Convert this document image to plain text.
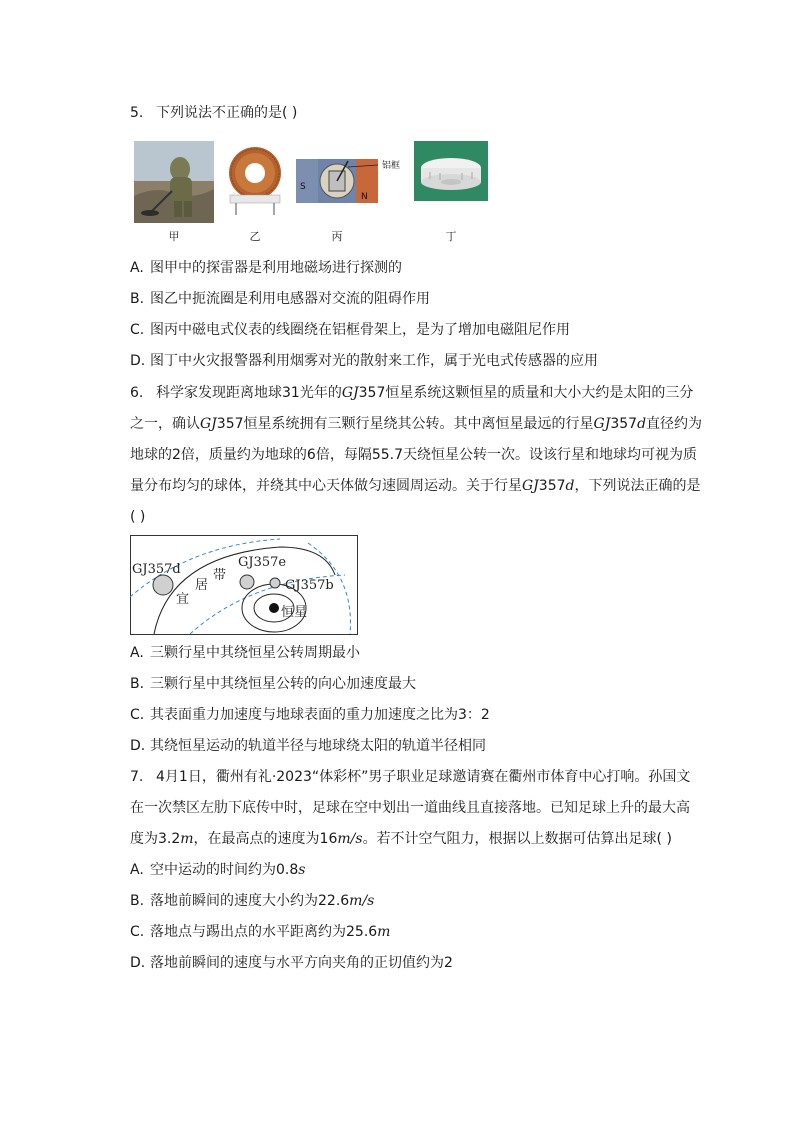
5. 下列说法不正确的是( )
甲	乙
S
N
铝框
丙	丁
A. 图甲中的探雷器是利用地磁场进行探测的
B. 图乙中扼流圈是利用电感器对交流的阻碍作用
C. 图丙中磁电式仪表的线圈绕在铝框骨架上，是为了增加电磁阻尼作用
D. 图丁中火灾报警器利用烟雾对光的散射来工作，属于光电式传感器的应用
6. 科学家发现距离地球31光年的GJ357恒星系统这颗恒星的质量和大小大约是太阳的三分
之一，确认GJ357恒星系统拥有三颗行星绕其公转。其中离恒星最远的行星GJ357d直径约为
地球的2倍，质量约为地球的6倍，每隔55.7天绕恒星公转一次。设该行星和地球均可视为质
量分布均匀的球体，并绕其中心天体做匀速圆周运动。关于行星GJ357d，下列说法正确的是
( )
GJ357d	GJ357e
GJ357b
恒星
宜
居
带
A. 三颗行星中其绕恒星公转周期最小
B. 三颗行星中其绕恒星公转的向心加速度最大
C. 其表面重力加速度与地球表面的重力加速度之比为3：2
D. 其绕恒星运动的轨道半径与地球绕太阳的轨道半径相同
7. 4月1日，衢州有礼·2023“体彩杯”男子职业足球邀请赛在衢州市体育中心打响。孙国文
在一次禁区左肋下底传中时，足球在空中划出一道曲线且直接落地。已知足球上升的最大高
度为3.2m，在最高点的速度为16m/s。若不计空气阻力，根据以上数据可估算出足球( )
A. 空中运动的时间约为0.8s
B. 落地前瞬间的速度大小约为22.6m/s
C. 落地点与踢出点的水平距离约为25.6m
D. 落地前瞬间的速度与水平方向夹角的正切值约为2
